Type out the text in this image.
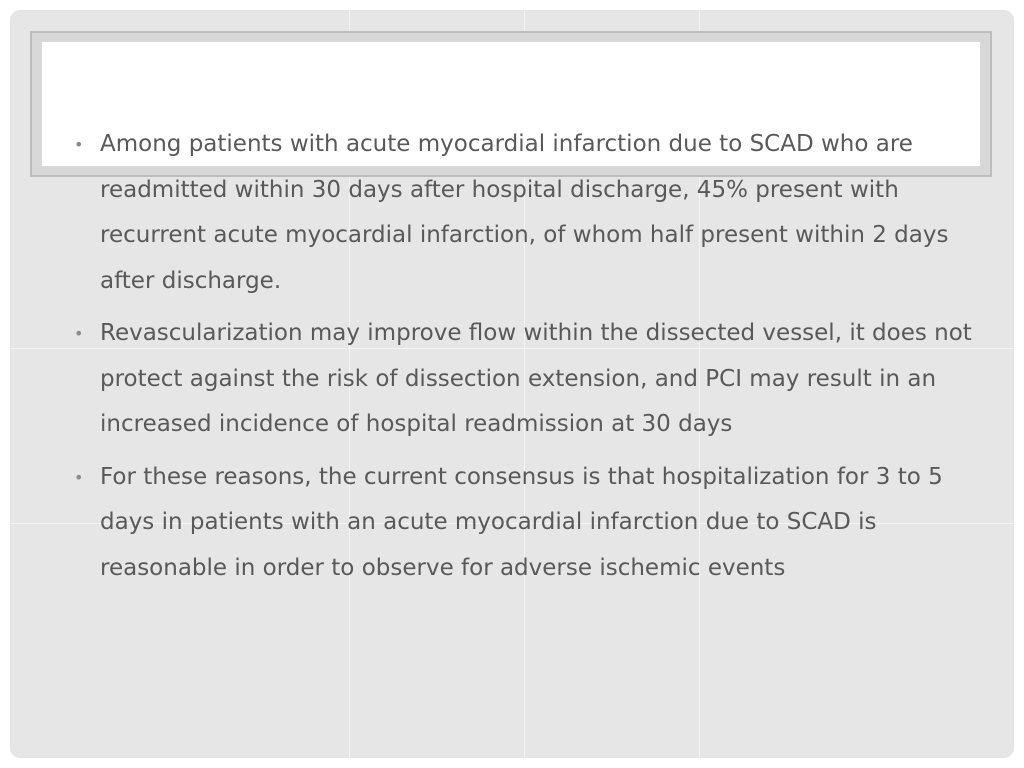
• Among patients with acute myocardial infarction due to SCAD who are readmitted within 30 days after hospital discharge, 45% present with recurrent acute myocardial infarction, of whom half present within 2 days after discharge.
• Revascularization may improve flow within the dissected vessel, it does not protect against the risk of dissection extension, and PCI may result in an increased incidence of hospital readmission at 30 days
• For these reasons, the current consensus is that hospitalization for 3 to 5 days in patients with an acute myocardial infarction due to SCAD is reasonable in order to observe for adverse ischemic events
